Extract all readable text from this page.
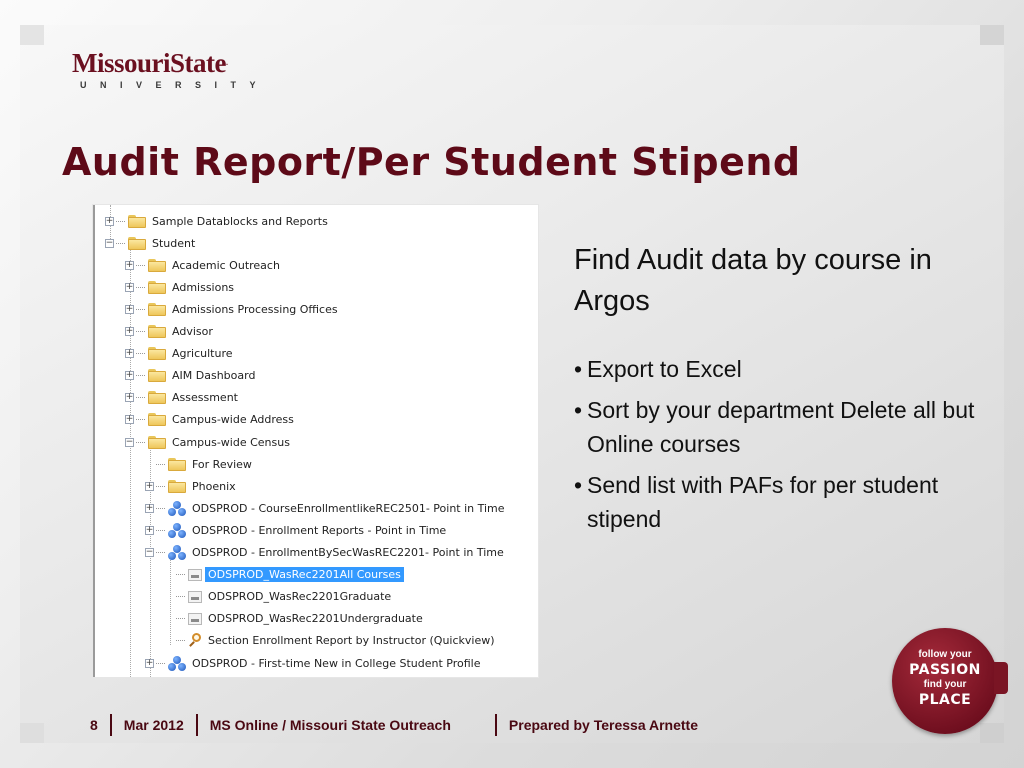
MissouriState.
UNIVERSITY
Audit Report/Per Student Stipend
+	Sample Datablocks and Reports
−	Student
+	Academic Outreach
+	Admissions
+	Admissions Processing Offices
+	Advisor
+	Agriculture
+	AIM Dashboard
+	Assessment
+	Campus-wide Address
−	Campus-wide Census
For Review
+	Phoenix
+	ODSPROD - CourseEnrollmentlikeREC2501- Point in Time
+	ODSPROD - Enrollment Reports - Point in Time
−	ODSPROD - EnrollmentBySecWasREC2201- Point in Time
ODSPROD_WasRec2201All Courses
ODSPROD_WasRec2201Graduate
ODSPROD_WasRec2201Undergraduate
Section Enrollment Report by Instructor (Quickview)
+	ODSPROD - First-time New in College Student Profile

Find Audit data by course in Argos

• Export to Excel
• Sort by your department Delete all but Online courses
• Send list with PAFs for per student stipend
follow your
PASSION
find your
PLACE
8 Mar 2012 MS Online / Missouri State Outreach	Prepared by Teressa Arnette
